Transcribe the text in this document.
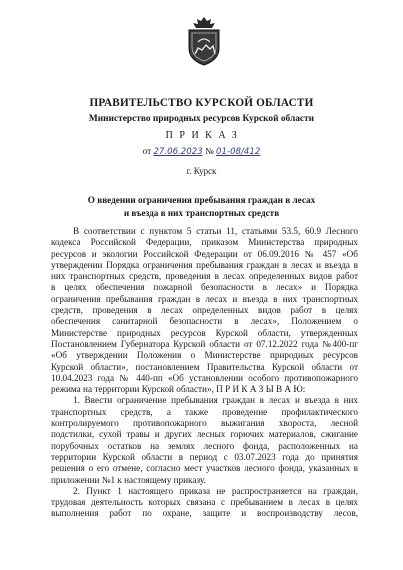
ПРАВИТЕЛЬСТВО КУРСКОЙ ОБЛАСТИ
Министерство природных ресурсов Курской области
ПРИКАЗ
от 27.06.2023 № 01-08/412
г. Курск
О введении ограничения пребывания граждан в лесах
и въезда в них транспортных средств
В соответствии с пунктом 5 статьи 11, статьями 53.5, 60.9 Лесного
кодекса Российской Федерации, приказом Министерства природных
ресурсов и экологии Российской Федерации от 06.09.2016 № 457 «Об
утверждении Порядка ограничения пребывания граждан в лесах и въезда в
них транспортных средств, проведения в лесах определенных видов работ
в целях обеспечения пожарной безопасности в лесах» и Порядка
ограничения пребывания граждан в лесах и въезда в них транспортных
средств, проведения в лесах определенных видов работ в целях
обеспечения санитарной безопасности в лесах», Положением о
Министерстве природных ресурсов Курской области, утвержденных
Постановлением Губернатора Курской области от 07.12.2022 года №400-пг
«Об утверждении Положения о Министерстве природных ресурсов
Курской области», постановлением Правительства Курской области от
10.04.2023 года № 440-пп «Об установлении особого противопожарного
режима на территории Курской области», П Р И К А З Ы В А Ю:
1. Ввести ограничение пребывания граждан в лесах и въезда в них
транспортных средств, а также проведение профилактического
контролируемого противопожарного выжигания хвороста, лесной
подстилки, сухой травы и других лесных горючих материалов, сжигание
порубочных остатков на землях лесного фонда, расположенных на
территории Курской области в период с 03.07.2023 года до принятия
решения о его отмене, согласно мест участков лесного фонда, указанных в
приложении №1 к настоящему приказу.
2. Пункт 1 настоящего приказа не распространяется на граждан,
трудовая деятельность которых связана с пребыванием в лесах в целях
выполнения работ по охране, защите и воспроизводству лесов,
